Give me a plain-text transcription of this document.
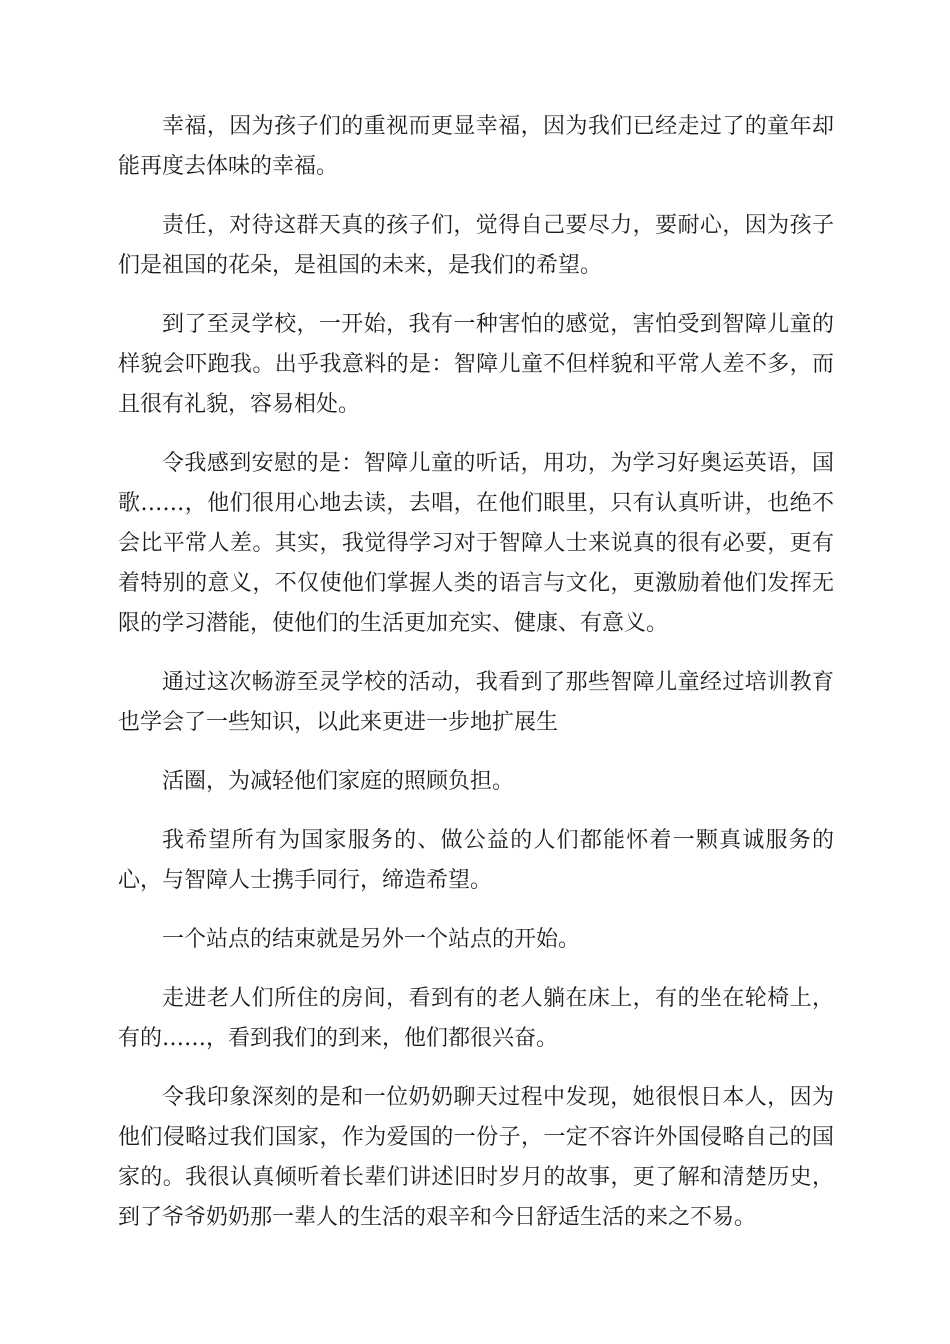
幸福，因为孩子们的重视而更显幸福，因为我们已经走过了的童年却能再度去体味的幸福。

责任，对待这群天真的孩子们，觉得自己要尽力，要耐心，因为孩子们是祖国的花朵，是祖国的未来，是我们的希望。

到了至灵学校，一开始，我有一种害怕的感觉，害怕受到智障儿童的样貌会吓跑我。出乎我意料的是：智障儿童不但样貌和平常人差不多，而且很有礼貌，容易相处。

令我感到安慰的是：智障儿童的听话，用功，为学习好奥运英语，国歌……，他们很用心地去读，去唱，在他们眼里，只有认真听讲，也绝不会比平常人差。其实，我觉得学习对于智障人士来说真的很有必要，更有着特别的意义，不仅使他们掌握人类的语言与文化，更激励着他们发挥无限的学习潜能，使他们的生活更加充实、健康、有意义。

通过这次畅游至灵学校的活动，我看到了那些智障儿童经过培训教育也学会了一些知识，以此来更进一步地扩展生

活圈，为减轻他们家庭的照顾负担。

我希望所有为国家服务的、做公益的人们都能怀着一颗真诚服务的心，与智障人士携手同行，缔造希望。

一个站点的结束就是另外一个站点的开始。

走进老人们所住的房间，看到有的老人躺在床上，有的坐在轮椅上，有的……，看到我们的到来，他们都很兴奋。

令我印象深刻的是和一位奶奶聊天过程中发现，她很恨日本人，因为他们侵略过我们国家，作为爱国的一份子，一定不容许外国侵略自己的国家的。我很认真倾听着长辈们讲述旧时岁月的故事，更了解和清楚历史，到了爷爷奶奶那一辈人的生活的艰辛和今日舒适生活的来之不易。
